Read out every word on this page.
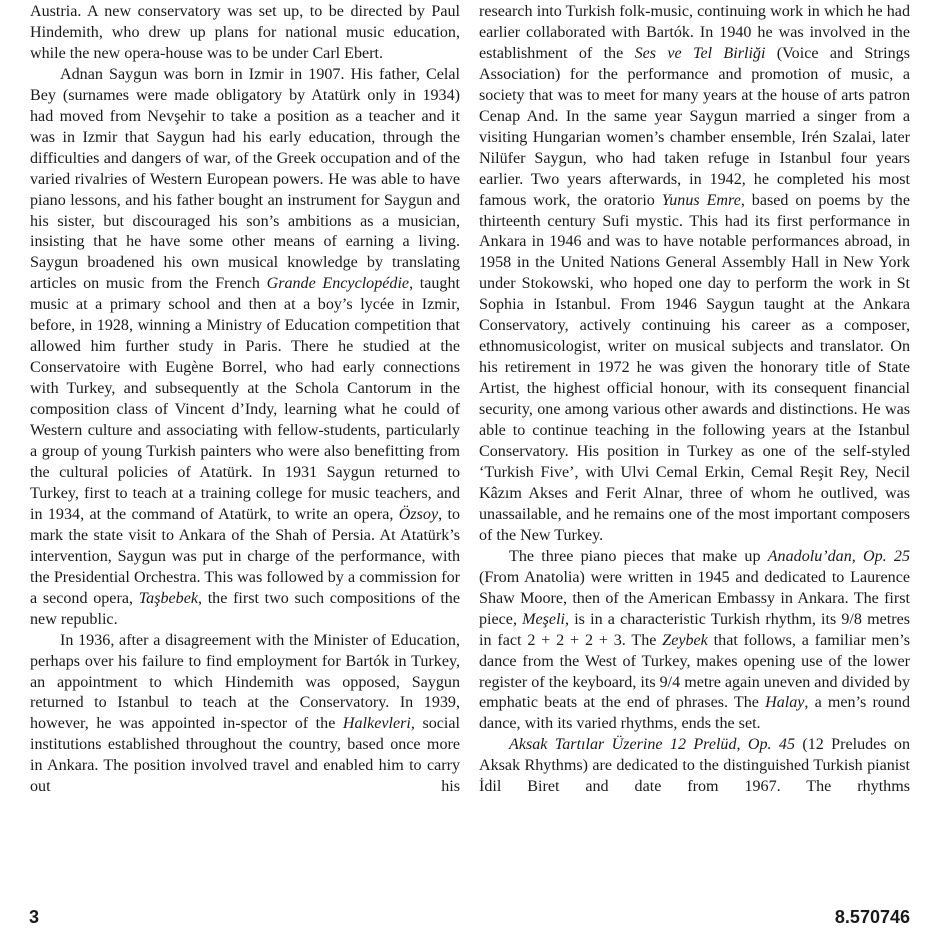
Austria. A new conservatory was set up, to be directed by Paul Hindemith, who drew up plans for national music education, while the new opera-house was to be under Carl Ebert.

Adnan Saygun was born in Izmir in 1907. His father, Celal Bey (surnames were made obligatory by Atatürk only in 1934) had moved from Nevşehir to take a position as a teacher and it was in Izmir that Saygun had his early education, through the difficulties and dangers of war, of the Greek occupation and of the varied rivalries of Western European powers. He was able to have piano lessons, and his father bought an instrument for Saygun and his sister, but discouraged his son’s ambitions as a musician, insisting that he have some other means of earning a living. Saygun broadened his own musical knowledge by translating articles on music from the French Grande Encyclopédie, taught music at a primary school and then at a boy’s lycée in Izmir, before, in 1928, winning a Ministry of Education competition that allowed him further study in Paris. There he studied at the Conservatoire with Eugène Borrel, who had early connections with Turkey, and subsequently at the Schola Cantorum in the composition class of Vincent d’Indy, learning what he could of Western culture and associating with fellow-students, particularly a group of young Turkish painters who were also benefitting from the cultural policies of Atatürk. In 1931 Saygun returned to Turkey, first to teach at a training college for music teachers, and in 1934, at the command of Atatürk, to write an opera, Özsoy, to mark the state visit to Ankara of the Shah of Persia. At Atatürk’s intervention, Saygun was put in charge of the performance, with the Presidential Orchestra. This was followed by a commission for a second opera, Taşbebek, the first two such compositions of the new republic.

In 1936, after a disagreement with the Minister of Education, perhaps over his failure to find employment for Bartók in Turkey, an appointment to which Hindemith was opposed, Saygun returned to Istanbul to teach at the Conservatory. In 1939, however, he was appointed in-spector of the Halkevleri, social institutions established throughout the country, based once more in Ankara. The position involved travel and enabled him to carry out his

research into Turkish folk-music, continuing work in which he had earlier collaborated with Bartók. In 1940 he was involved in the establishment of the Ses ve Tel Birliği (Voice and Strings Association) for the performance and promotion of music, a society that was to meet for many years at the house of arts patron Cenap And. In the same year Saygun married a singer from a visiting Hungarian women’s chamber ensemble, Irén Szalai, later Nilüfer Saygun, who had taken refuge in Istanbul four years earlier. Two years afterwards, in 1942, he completed his most famous work, the oratorio Yunus Emre, based on poems by the thirteenth century Sufi mystic. This had its first performance in Ankara in 1946 and was to have notable performances abroad, in 1958 in the United Nations General Assembly Hall in New York under Stokowski, who hoped one day to perform the work in St Sophia in Istanbul. From 1946 Saygun taught at the Ankara Conservatory, actively continuing his career as a composer, ethnomusicologist, writer on musical subjects and translator. On his retirement in 1972 he was given the honorary title of State Artist, the highest official honour, with its consequent financial security, one among various other awards and distinctions. He was able to continue teaching in the following years at the Istanbul Conservatory. His position in Turkey as one of the self-styled ‘Turkish Five’, with Ulvi Cemal Erkin, Cemal Reşit Rey, Necil Kâzım Akses and Ferit Alnar, three of whom he outlived, was unassailable, and he remains one of the most important composers of the New Turkey.

The three piano pieces that make up Anadolu’dan, Op. 25 (From Anatolia) were written in 1945 and dedicated to Laurence Shaw Moore, then of the American Embassy in Ankara. The first piece, Meşeli, is in a characteristic Turkish rhythm, its 9/8 metres in fact 2 + 2 + 2 + 3. The Zeybek that follows, a familiar men’s dance from the West of Turkey, makes opening use of the lower register of the keyboard, its 9/4 metre again uneven and divided by emphatic beats at the end of phrases. The Halay, a men’s round dance, with its varied rhythms, ends the set.

Aksak Tartılar Üzerine 12 Prelüd, Op. 45 (12 Preludes on Aksak Rhythms) are dedicated to the distinguished Turkish pianist İdil Biret and date from 1967. The rhythms

3	8.570746
